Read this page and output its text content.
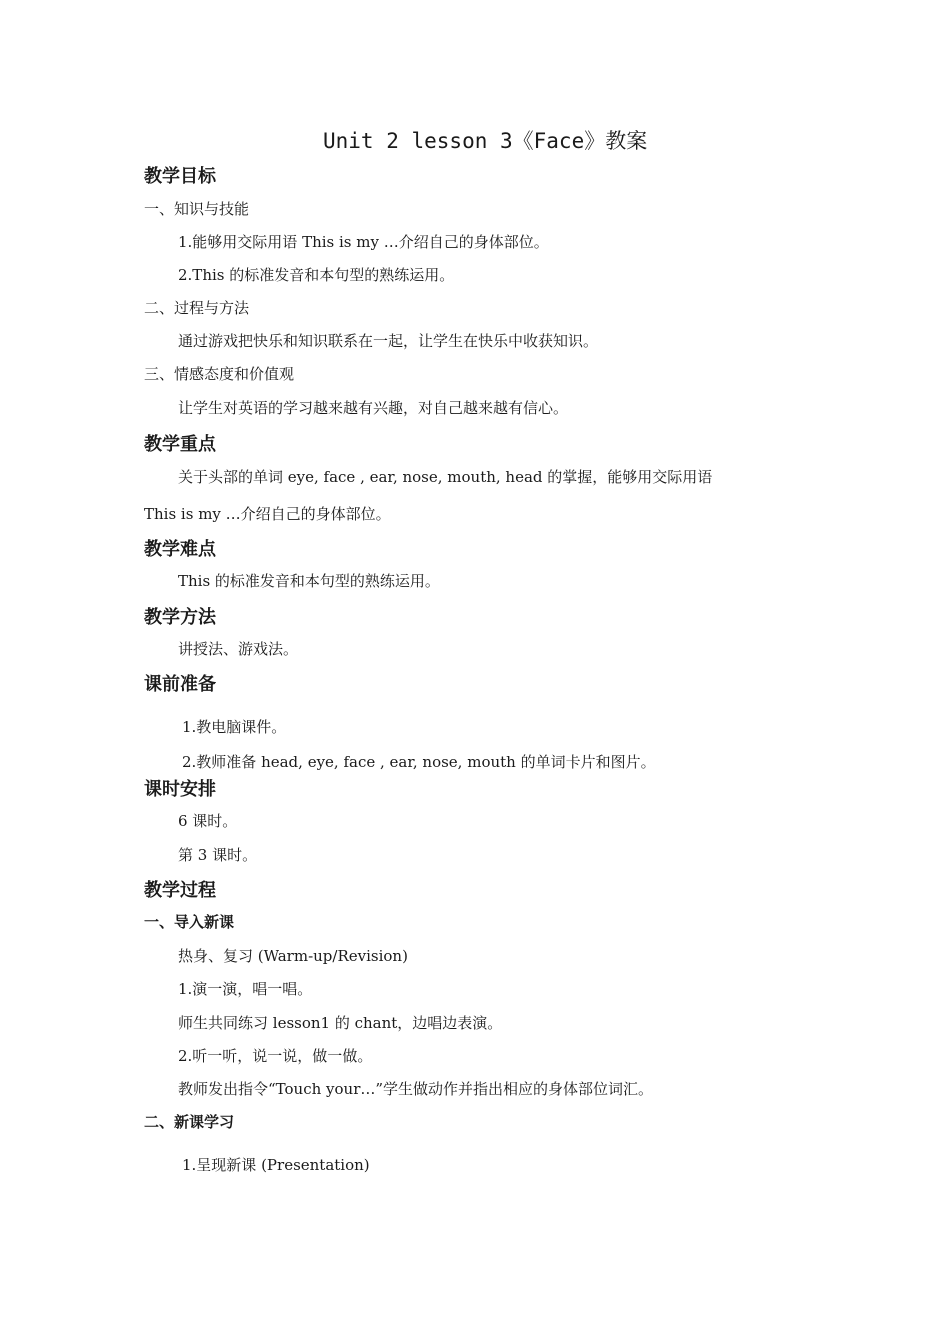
Unit 2 lesson 3《Face》教案
教学目标
一、知识与技能
1.能够用交际用语 This is my …介绍自己的身体部位。
2.This 的标准发音和本句型的熟练运用。
二、过程与方法
通过游戏把快乐和知识联系在一起，让学生在快乐中收获知识。
三、情感态度和价值观
让学生对英语的学习越来越有兴趣，对自己越来越有信心。
教学重点
关于头部的单词 eye, face , ear, nose, mouth, head 的掌握，能够用交际用语
This is my …介绍自己的身体部位。
教学难点
This 的标准发音和本句型的熟练运用。
教学方法
讲授法、游戏法。
课前准备
1.教电脑课件。
2.教师准备 head, eye, face , ear, nose, mouth 的单词卡片和图片。
课时安排
6 课时。
第 3 课时。
教学过程
一、导入新课
热身、复习 (Warm-up/Revision)
1.演一演，唱一唱。
师生共同练习 lesson1 的 chant，边唱边表演。
2.听一听，说一说，做一做。
教师发出指令“Touch your…”学生做动作并指出相应的身体部位词汇。
二、新课学习
1.呈现新课 (Presentation)
